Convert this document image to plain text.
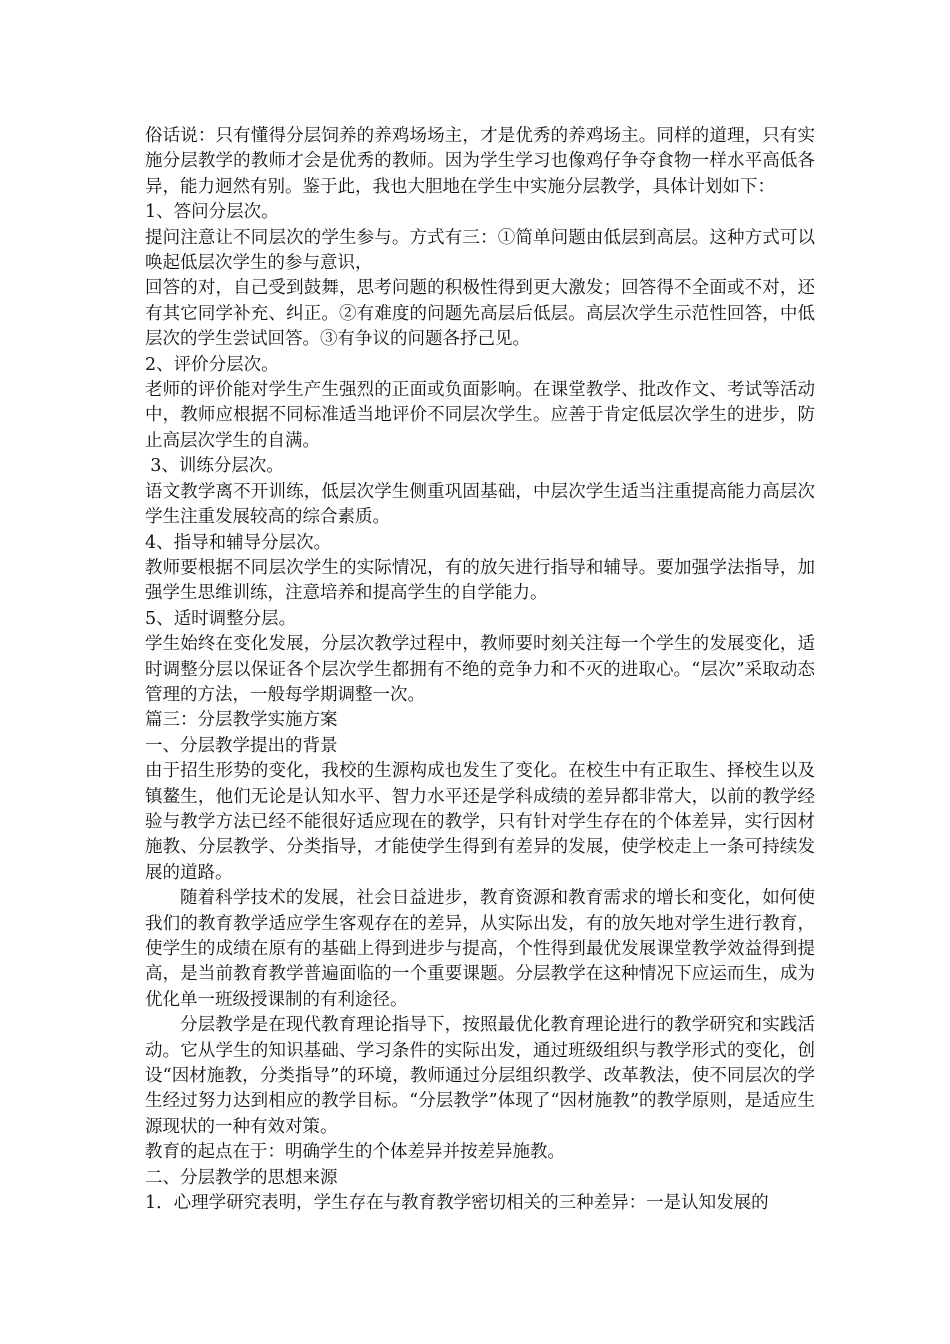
俗话说：只有懂得分层饲养的养鸡场场主，才是优秀的养鸡场主。同样的道理，只有实施分层教学的教师才会是优秀的教师。因为学生学习也像鸡仔争夺食物一样水平高低各异，能力迥然有别。鉴于此，我也大胆地在学生中实施分层教学，具体计划如下：

1、答问分层次。

提问注意让不同层次的学生参与。方式有三：①简单问题由低层到高层。这种方式可以唤起低层次学生的参与意识，

回答的对，自己受到鼓舞，思考问题的积极性得到更大激发；回答得不全面或不对，还有其它同学补充、纠正。②有难度的问题先高层后低层。高层次学生示范性回答，中低层次的学生尝试回答。③有争议的问题各抒己见。

2、评价分层次。

老师的评价能对学生产生强烈的正面或负面影响。在课堂教学、批改作文、考试等活动中，教师应根据不同标准适当地评价不同层次学生。应善于肯定低层次学生的进步，防止高层次学生的自满。

3、训练分层次。

语文教学离不开训练，低层次学生侧重巩固基础，中层次学生适当注重提高能力高层次学生注重发展较高的综合素质。

4、指导和辅导分层次。

教师要根据不同层次学生的实际情况，有的放矢进行指导和辅导。要加强学法指导，加强学生思维训练，注意培养和提高学生的自学能力。

5、适时调整分层。

学生始终在变化发展，分层次教学过程中，教师要时刻关注每一个学生的发展变化，适时调整分层以保证各个层次学生都拥有不绝的竞争力和不灭的进取心。“层次”采取动态管理的方法，一般每学期调整一次。

篇三：分层教学实施方案

一、分层教学提出的背景

由于招生形势的变化，我校的生源构成也发生了变化。在校生中有正取生、择校生以及镇鳌生，他们无论是认知水平、智力水平还是学科成绩的差异都非常大，以前的教学经验与教学方法已经不能很好适应现在的教学，只有针对学生存在的个体差异，实行因材施教、分层教学、分类指导，才能使学生得到有差异的发展，使学校走上一条可持续发展的道路。

随着科学技术的发展，社会日益进步，教育资源和教育需求的增长和变化，如何使我们的教育教学适应学生客观存在的差异，从实际出发，有的放矢地对学生进行教育，使学生的成绩在原有的基础上得到进步与提高，个性得到最优发展课堂教学效益得到提高，是当前教育教学普遍面临的一个重要课题。分层教学在这种情况下应运而生，成为优化单一班级授课制的有利途径。

分层教学是在现代教育理论指导下，按照最优化教育理论进行的教学研究和实践活动。它从学生的知识基础、学习条件的实际出发，通过班级组织与教学形式的变化，创设“因材施教，分类指导”的环境，教师通过分层组织教学、改革教法，使不同层次的学生经过努力达到相应的教学目标。“分层教学”体现了“因材施教”的教学原则，是适应生源现状的一种有效对策。

教育的起点在于：明确学生的个体差异并按差异施教。

二、分层教学的思想来源

1．心理学研究表明，学生存在与教育教学密切相关的三种差异：一是认知发展的
